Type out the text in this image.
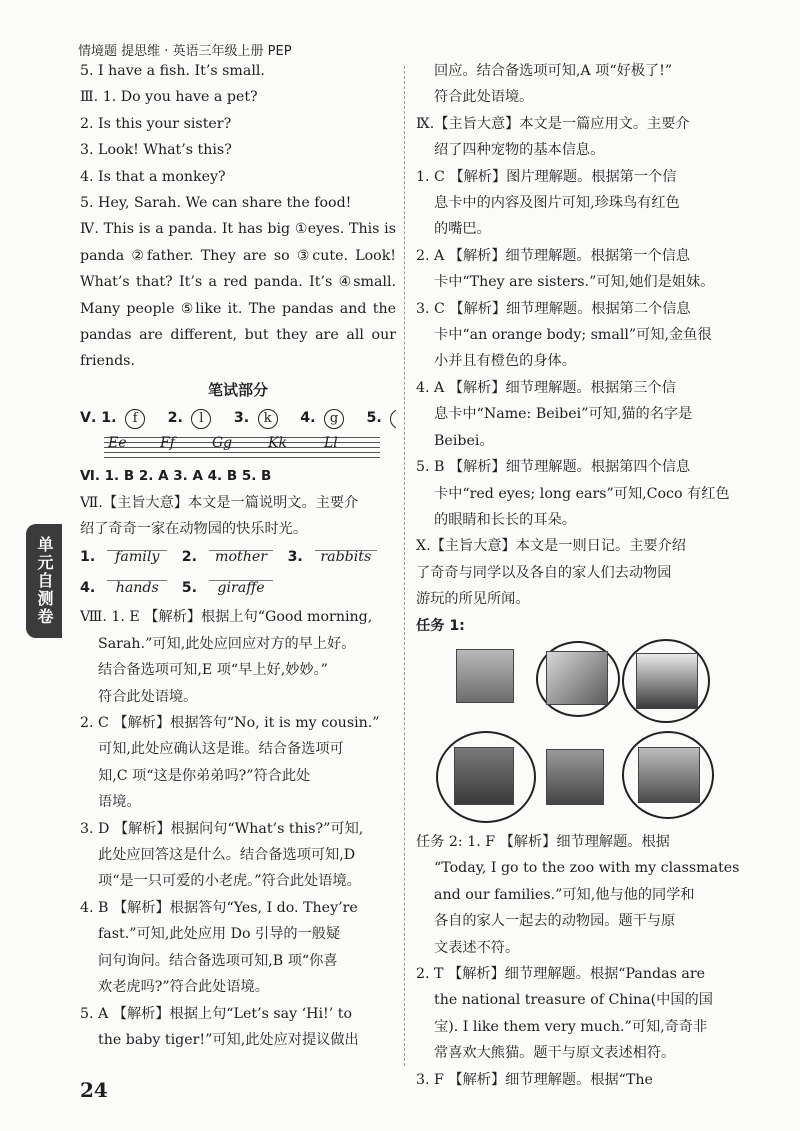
情境题 提思维 · 英语三年级上册 PEP
单元自测卷
5. I have a fish. It’s small.
Ⅲ. 1. Do you have a pet?
2. Is this your sister?
3. Look! What’s this?
4. Is that a monkey?
5. Hey, Sarah. We can share the food!
Ⅳ. This is a panda. It has big ①eyes. This is
panda ②father. They are so ③cute. Look!
What’s that? It’s a red panda. It’s ④small.
Many people ⑤like it. The pandas and the
pandas are different, but they are all our
friends.
笔试部分
Ⅴ. 1. f 2. l 3. k 4. g 5.
Ee Ff	Gg	Kk	Ll
Ⅵ. 1. B 2. A 3. A 4. B 5. B
Ⅶ.【主旨大意】本文是一篇说明文。主要介
绍了奇奇一家在动物园的快乐时光。
1. family 2. mother 3. rabbits
4. hands 5. giraffe
Ⅷ. 1. E 【解析】根据上句“Good morning,
Sarah.”可知,此处应回应对方的早上好。
结合备选项可知,E 项“早上好,妙妙。”
符合此处语境。
2. C 【解析】根据答句“No, it is my cousin.”
可知,此处应确认这是谁。结合备选项可
知,C 项“这是你弟弟吗?”符合此处
语境。
3. D 【解析】根据问句“What’s this?”可知,
此处应回答这是什么。结合备选项可知,D
项“是一只可爱的小老虎。”符合此处语境。
4. B 【解析】根据答句“Yes, I do. They’re
fast.”可知,此处应用 Do 引导的一般疑
问句询问。结合备选项可知,B 项“你喜
欢老虎吗?”符合此处语境。
5. A 【解析】根据上句“Let’s say ‘Hi!’ to
the baby tiger!”可知,此处应对提议做出
回应。结合备选项可知,A 项“好极了!”
符合此处语境。
Ⅸ.【主旨大意】本文是一篇应用文。主要介
绍了四种宠物的基本信息。
1. C 【解析】图片理解题。根据第一个信
息卡中的内容及图片可知,珍珠鸟有红色
的嘴巴。
2. A 【解析】细节理解题。根据第一个信息
卡中“They are sisters.”可知,她们是姐妹。
3. C 【解析】细节理解题。根据第二个信息
卡中“an orange body; small”可知,金鱼很
小并且有橙色的身体。
4. A 【解析】细节理解题。根据第三个信
息卡中“Name: Beibei”可知,猫的名字是
Beibei。
5. B 【解析】细节理解题。根据第四个信息
卡中“red eyes; long ears”可知,Coco 有红色
的眼睛和长长的耳朵。
Ⅹ.【主旨大意】本文是一则日记。主要介绍
了奇奇与同学以及各自的家人们去动物园
游玩的所见所闻。
任务 1:
任务 2: 1. F 【解析】细节理解题。根据
“Today, I go to the zoo with my classmates
and our families.”可知,他与他的同学和
各自的家人一起去的动物园。题干与原
文表述不符。
2. T 【解析】细节理解题。根据“Pandas are
the national treasure of China(中国的国
宝). I like them very much.”可知,奇奇非
常喜欢大熊猫。题干与原文表述相符。
3. F 【解析】细节理解题。根据“The
24
